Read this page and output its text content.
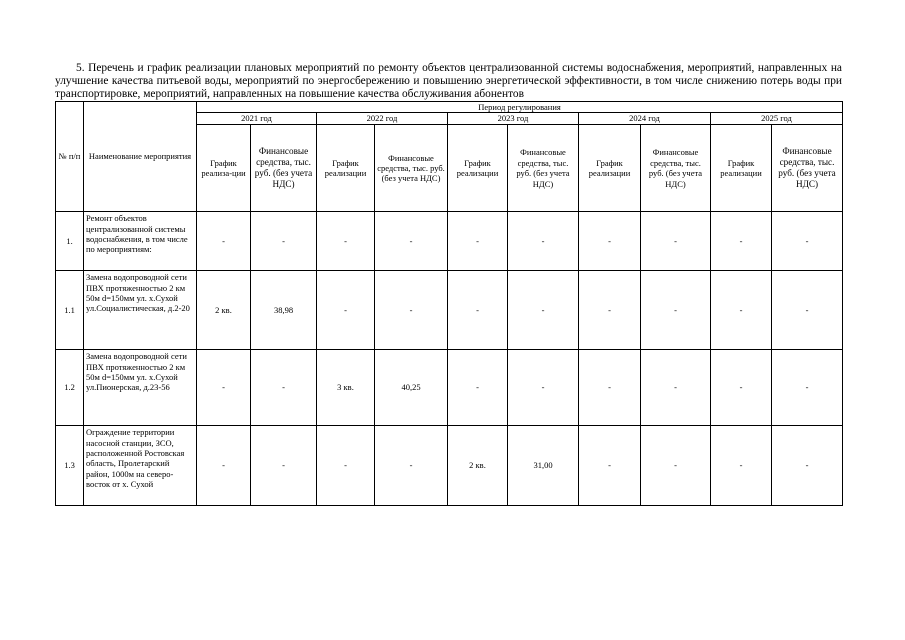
5. Перечень и график реализации плановых мероприятий по ремонту объектов централизованной системы водоснабжения, мероприятий, направленных на улучшение качества питьевой воды, мероприятий по энергосбережению и повышению энергетической эффективности, в том числе снижению потерь воды при транспортировке, мероприятий, направленных на повышение качества обслуживания абонентов

№ п/п	Наименование мероприятия	Период регулирования									
		2021 год		2022 год		2023 год		2024 год		2025 год	
		График реализа-ции	Финансовые средства, тыс. руб. (без учета НДС)	График реализации	Финансовые средства, тыс. руб. (без учета НДС)	График реализации	Финансовые средства, тыс. руб. (без учета НДС)	График реализации	Финансовые средства, тыс. руб. (без учета НДС)	График реализации	Финансовые средства, тыс. руб. (без учета НДС)
1.	Ремонт объектов централизованной системы водоснабжения, в том числе по мероприятиям:	-	-	-	-	-	-	-	-	-	-
1.1	Замена водопроводной сети ПВХ протяженностью 2 км 50м d=150мм ул. х.Сухой ул.Социалистическая, д.2-20	2 кв.	38,98	-	-	-	-	-	-	-	-
1.2	Замена водопроводной сети ПВХ протяженностью 2 км 50м d=150мм ул. х.Сухой ул.Пионерская, д.23-56	-	-	3 кв.	40,25	-	-	-	-	-	-
1.3	Ограждение территории насосной станции, ЗСО, расположенной Ростовская область, Пролетарский район, 1000м на северо-восток от х. Сухой	-	-	-	-	2 кв.	31,00	-	-	-	-
